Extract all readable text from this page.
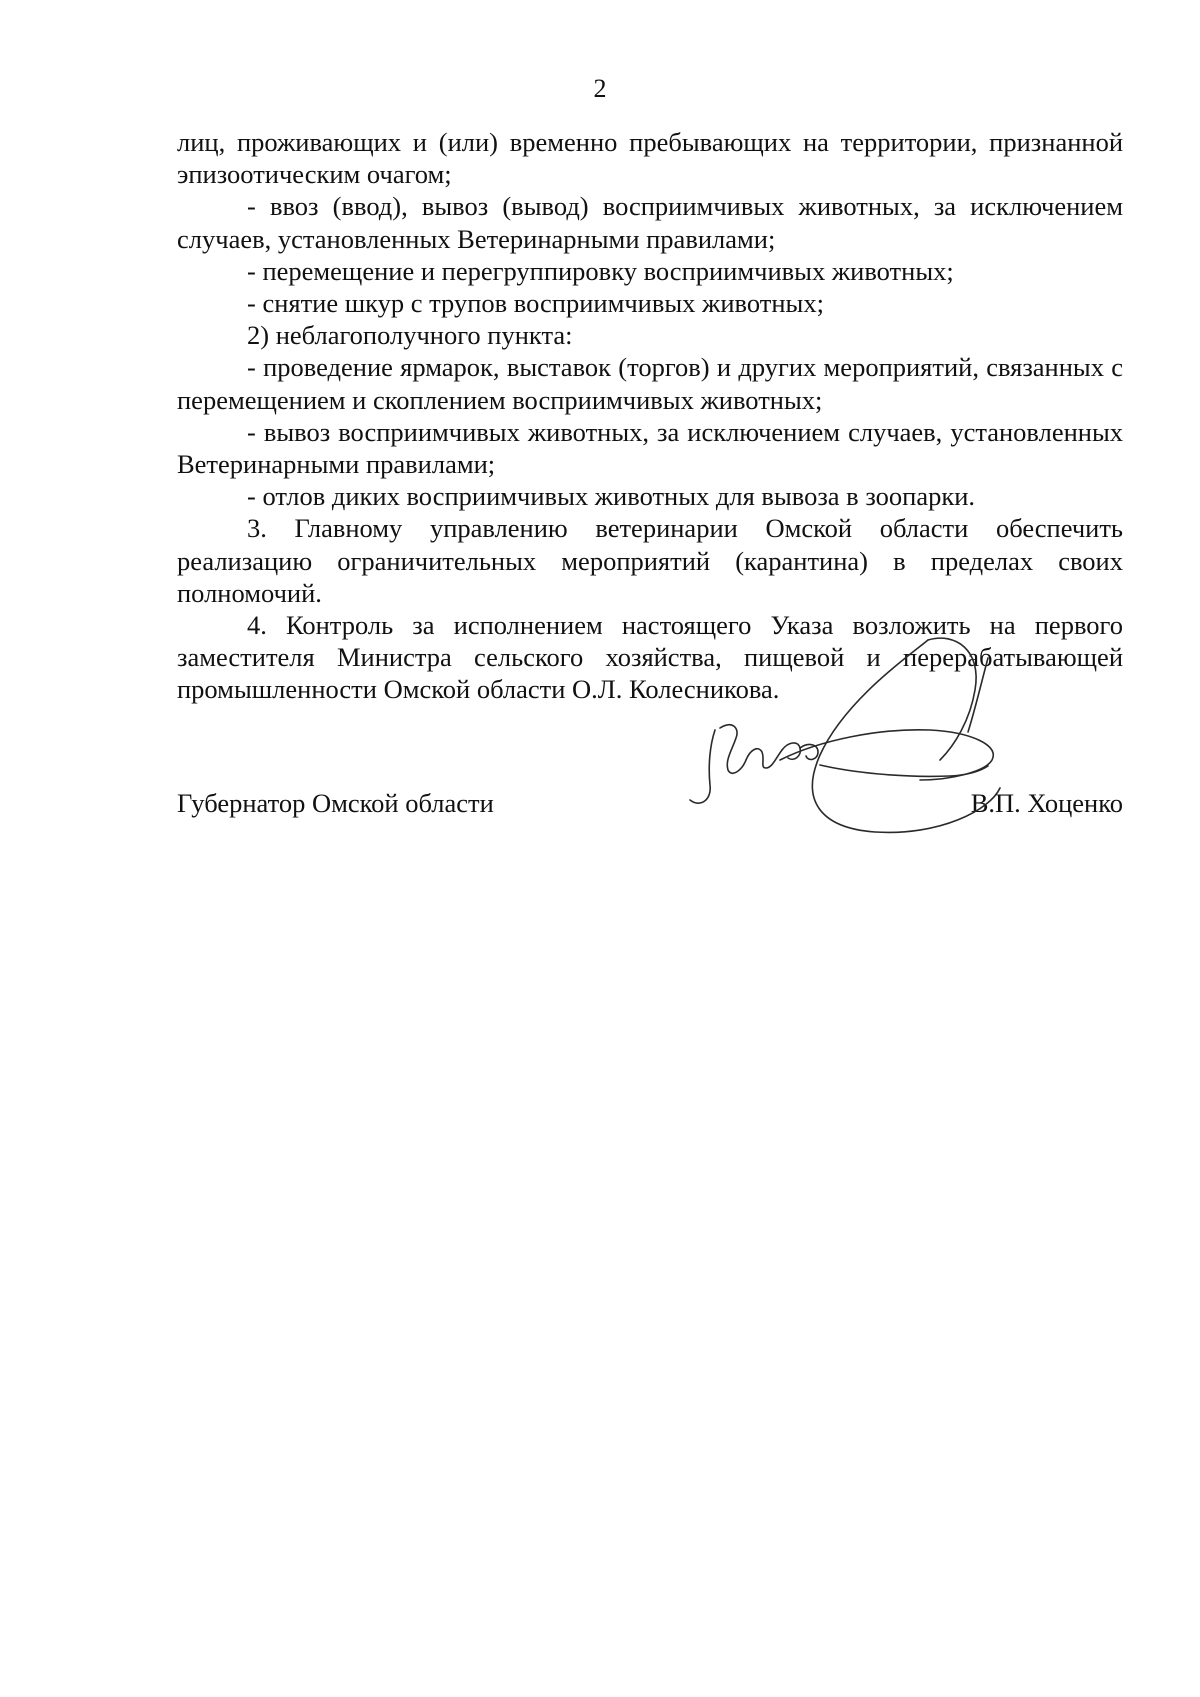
2

лиц, проживающих и (или) временно пребывающих на территории, признанной эпизоотическим очагом;

- ввоз (ввод), вывоз (вывод) восприимчивых животных, за исключением случаев, установленных Ветеринарными правилами;

- перемещение и перегруппировку восприимчивых животных;

- снятие шкур с трупов восприимчивых животных;

2) неблагополучного пункта:

- проведение ярмарок, выставок (торгов) и других мероприятий, связанных с перемещением и скоплением восприимчивых животных;

- вывоз восприимчивых животных, за исключением случаев, установленных Ветеринарными правилами;

- отлов диких восприимчивых животных для вывоза в зоопарки.

3. Главному управлению ветеринарии Омской области обеспечить реализацию ограничительных мероприятий (карантина) в пределах своих полномочий.

4. Контроль за исполнением настоящего Указа возложить на первого заместителя Министра сельского хозяйства, пищевой и перерабатывающей промышленности Омской области О.Л. Колесникова.

Губернатор Омской области	В.П. Хоценко
